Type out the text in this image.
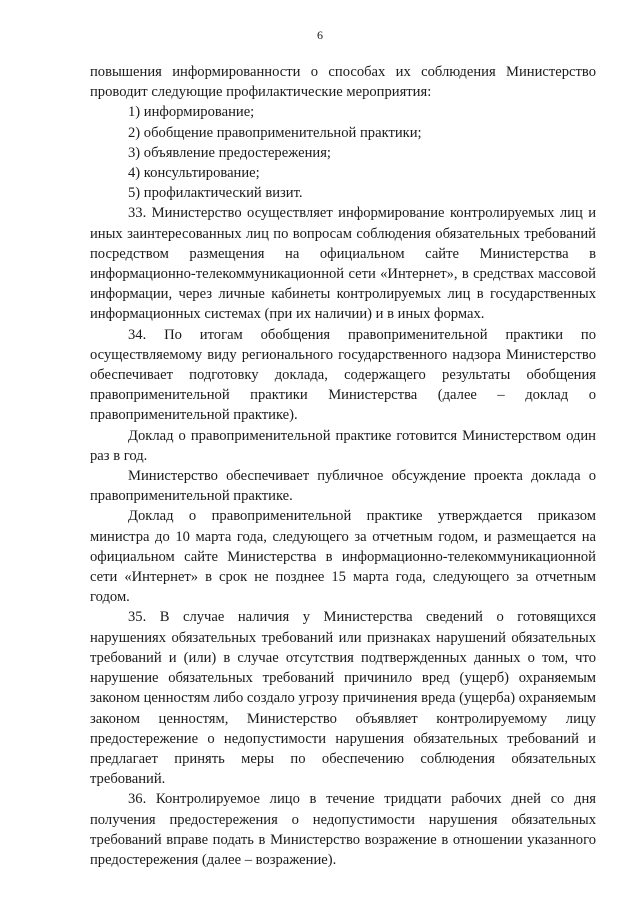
6

повышения информированности о способах их соблюдения Министерство проводит следующие профилактические мероприятия:

1) информирование;

2) обобщение правоприменительной практики;

3) объявление предостережения;

4) консультирование;

5) профилактический визит.

33. Министерство осуществляет информирование контролируемых лиц и иных заинтересованных лиц по вопросам соблюдения обязательных требований посредством размещения на официальном сайте Министерства в информационно-телекоммуникационной сети «Интернет», в средствах массовой информации, через личные кабинеты контролируемых лиц в государственных информационных системах (при их наличии) и в иных формах.

34. По итогам обобщения правоприменительной практики по осуществляемому виду регионального государственного надзора Министерство обеспечивает подготовку доклада, содержащего результаты обобщения правоприменительной практики Министерства (далее – доклад о правоприменительной практике).

Доклад о правоприменительной практике готовится Министерством один раз в год.

Министерство обеспечивает публичное обсуждение проекта доклада о правоприменительной практике.

Доклад о правоприменительной практике утверждается приказом министра до 10 марта года, следующего за отчетным годом, и размещается на официальном сайте Министерства в информационно-телекоммуникационной сети «Интернет» в срок не позднее 15 марта года, следующего за отчетным годом.

35. В случае наличия у Министерства сведений о готовящихся нарушениях обязательных требований или признаках нарушений обязательных требований и (или) в случае отсутствия подтвержденных данных о том, что нарушение обязательных требований причинило вред (ущерб) охраняемым законом ценностям либо создало угрозу причинения вреда (ущерба) охраняемым законом ценностям, Министерство объявляет контролируемому лицу предостережение о недопустимости нарушения обязательных требований и предлагает принять меры по обеспечению соблюдения обязательных требований.

36. Контролируемое лицо в течение тридцати рабочих дней со дня получения предостережения о недопустимости нарушения обязательных требований вправе подать в Министерство возражение в отношении указанного предостережения (далее – возражение).
